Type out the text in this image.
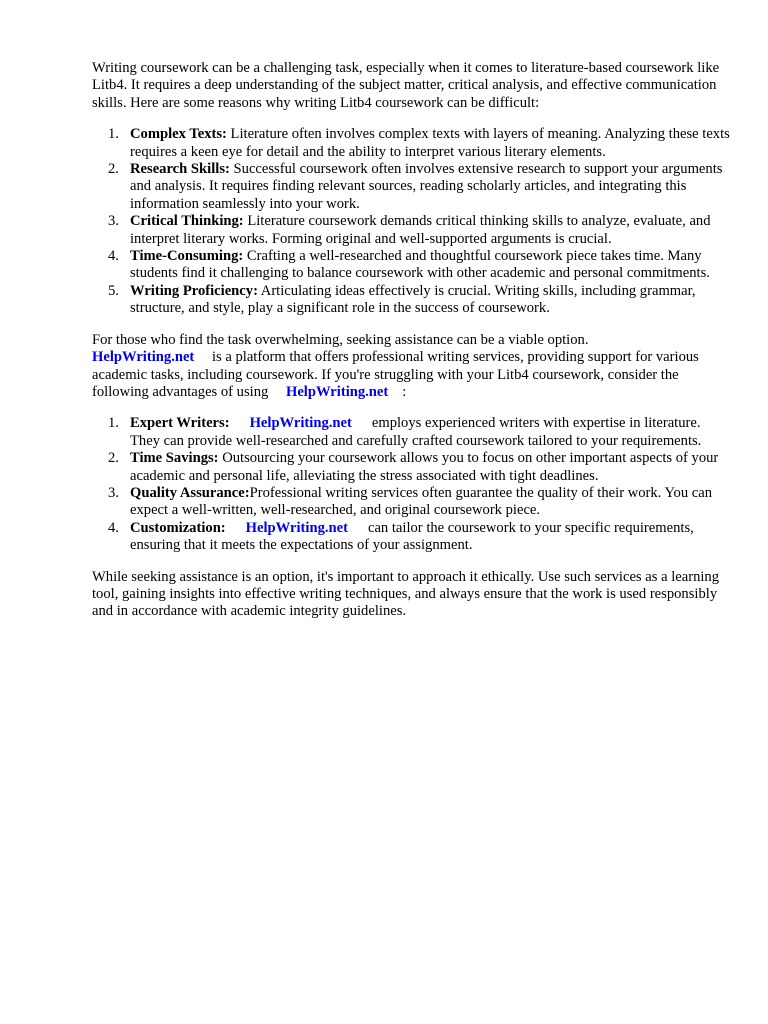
Writing coursework can be a challenging task, especially when it comes to literature-based coursework like Litb4. It requires a deep understanding of the subject matter, critical analysis, and effective communication skills. Here are some reasons why writing Litb4 coursework can be difficult:

1. Complex Texts: Literature often involves complex texts with layers of meaning. Analyzing these texts requires a keen eye for detail and the ability to interpret various literary elements.
2. Research Skills: Successful coursework often involves extensive research to support your arguments and analysis. It requires finding relevant sources, reading scholarly articles, and integrating this information seamlessly into your work.
3. Critical Thinking: Literature coursework demands critical thinking skills to analyze, evaluate, and interpret literary works. Forming original and well-supported arguments is crucial.
4. Time-Consuming: Crafting a well-researched and thoughtful coursework piece takes time. Many students find it challenging to balance coursework with other academic and personal commitments.
5. Writing Proficiency: Articulating ideas effectively is crucial. Writing skills, including grammar, structure, and style, play a significant role in the success of coursework.

For those who find the task overwhelming, seeking assistance can be a viable option.
HelpWriting.net is a platform that offers professional writing services, providing support for various academic tasks, including coursework. If you're struggling with your Litb4 coursework, consider the following advantages of using HelpWriting.net :

1. Expert Writers: HelpWriting.net employs experienced writers with expertise in literature. They can provide well-researched and carefully crafted coursework tailored to your requirements.
2. Time Savings: Outsourcing your coursework allows you to focus on other important aspects of your academic and personal life, alleviating the stress associated with tight deadlines.
3. Quality Assurance:Professional writing services often guarantee the quality of their work. You can expect a well-written, well-researched, and original coursework piece.
4. Customization: HelpWriting.net can tailor the coursework to your specific requirements, ensuring that it meets the expectations of your assignment.

While seeking assistance is an option, it's important to approach it ethically. Use such services as a learning tool, gaining insights into effective writing techniques, and always ensure that the work is used responsibly and in accordance with academic integrity guidelines.
